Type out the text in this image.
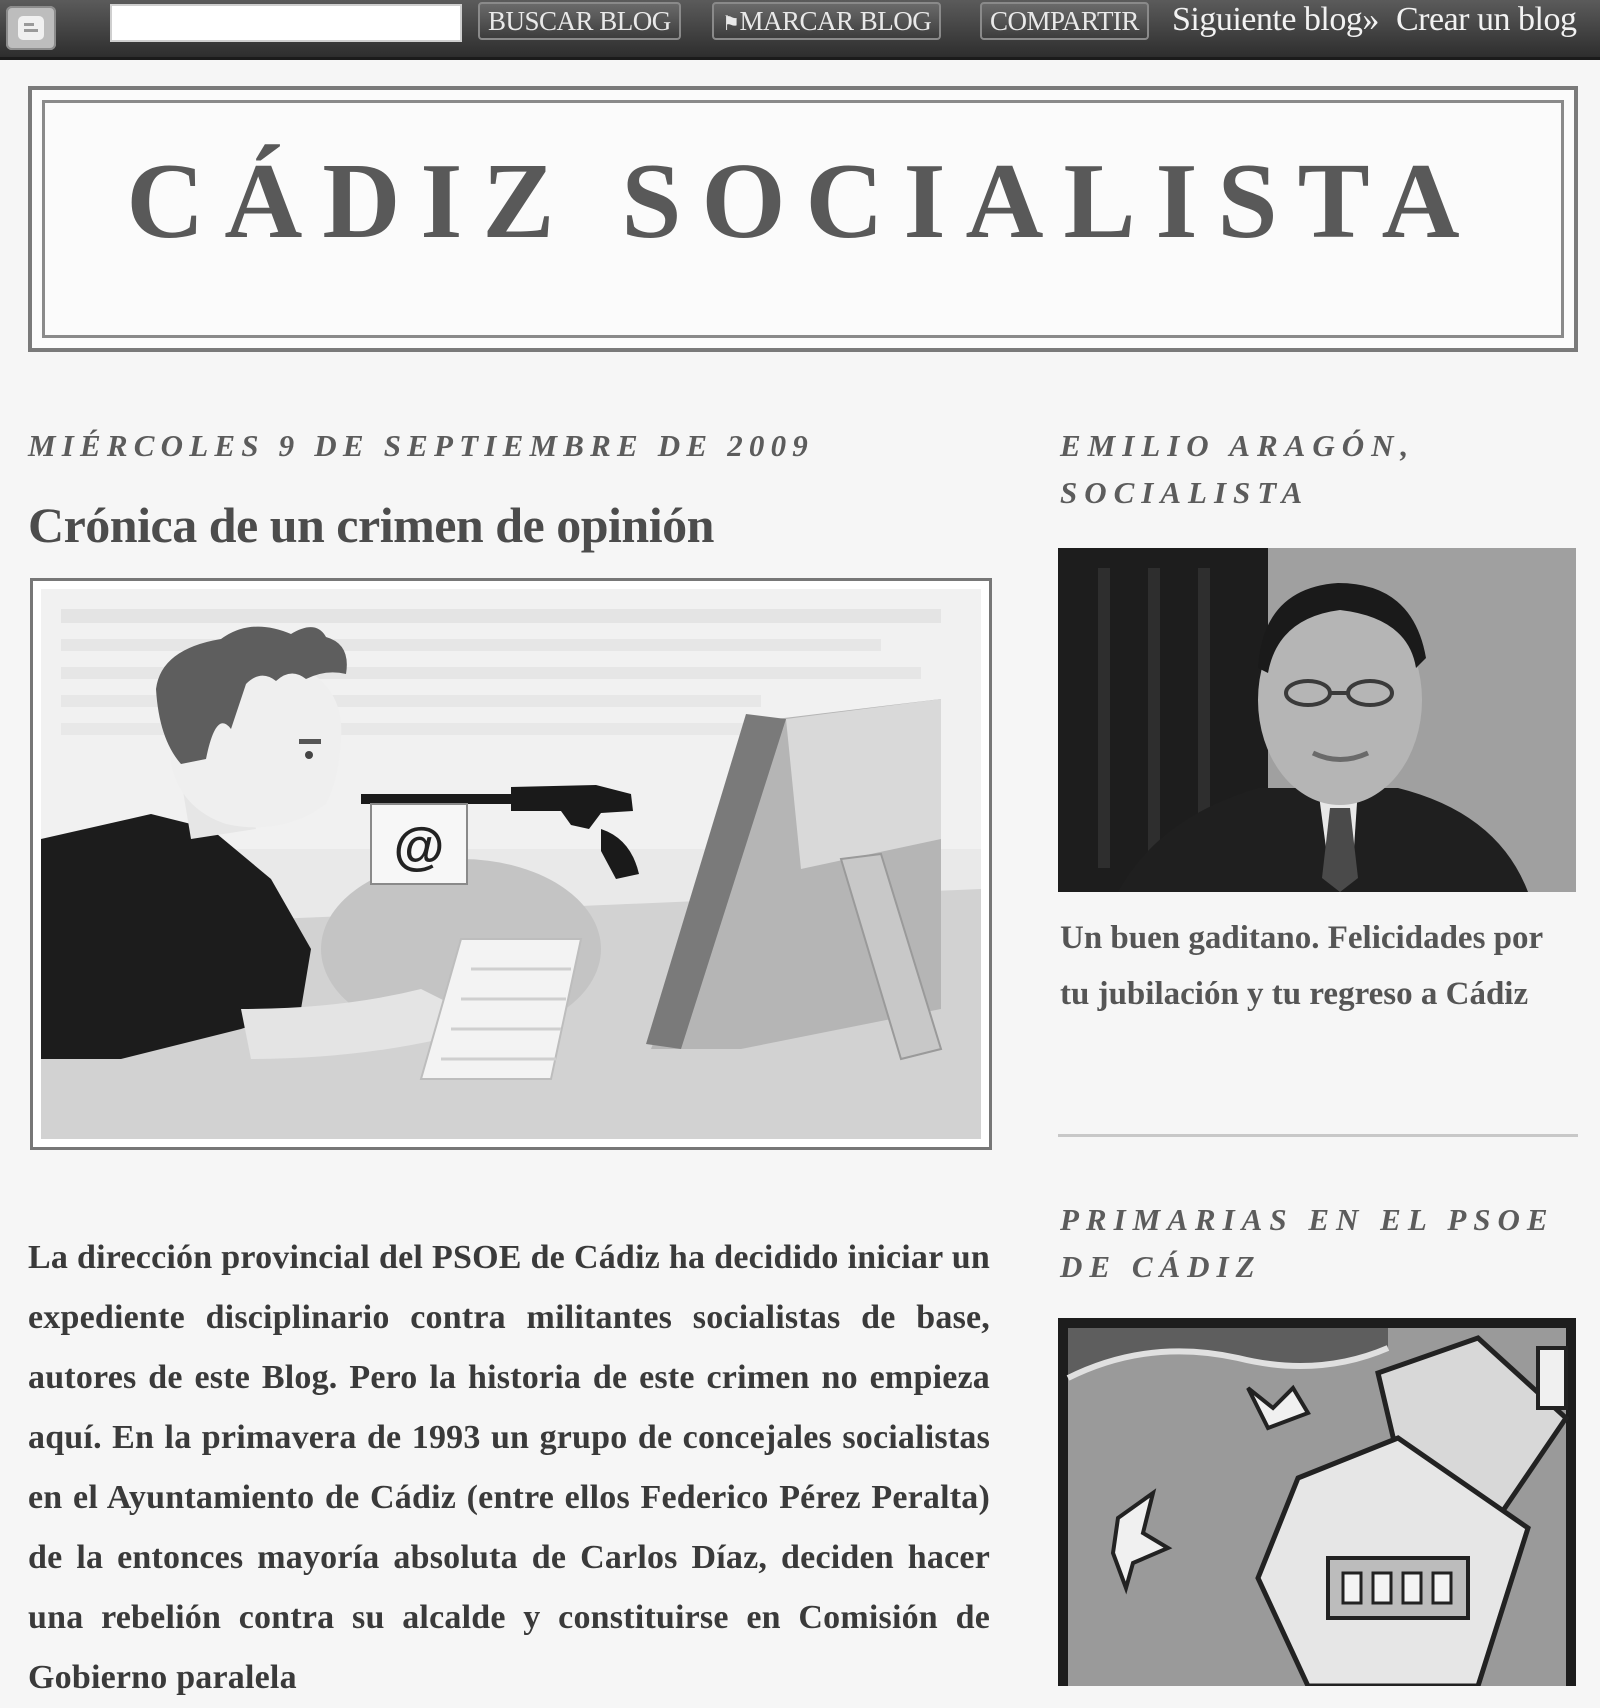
BUSCAR BLOG	⚑MARCAR BLOG	COMPARTIR Siguiente blog» Crear un blog
CÁDIZ SOCIALISTA
MIÉRCOLES 9 DE SEPTIEMBRE DE 2009
Crónica de un crimen de opinión
@
La dirección provincial del PSOE de Cádiz ha decidido iniciar un expediente disciplinario contra militantes socialistas de base, autores de este Blog. Pero la historia de este crimen no empieza aquí. En la primavera de 1993 un grupo de concejales socialistas en el Ayuntamiento de Cádiz (entre ellos Federico Pérez Peralta) de la entonces mayoría absoluta de Carlos Díaz, deciden hacer una rebelión contra su alcalde y constituirse en Comisión de Gobierno paralela
EMILIO ARAGÓN, SOCIALISTA
Un buen gaditano. Felicidades por tu jubilación y tu regreso a Cádiz
PRIMARIAS EN EL PSOE DE CÁDIZ
